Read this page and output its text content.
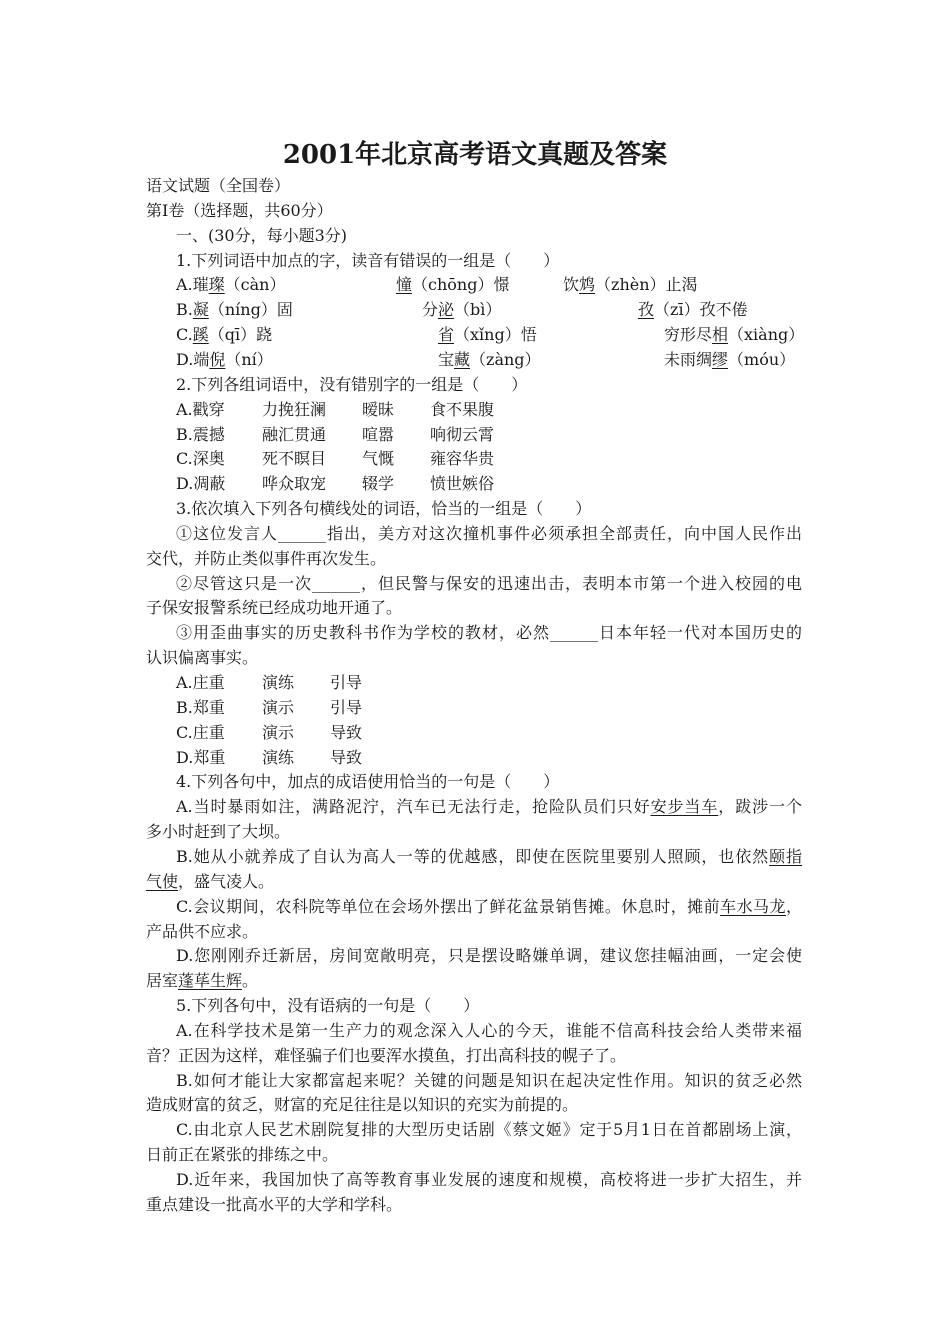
2001年北京高考语文真题及答案
语文试题（全国卷）
第Ⅰ卷（选择题，共60分）
一、(30分，每小题3分)
1.下列词语中加点的字，读音有错误的一组是（　　）
A.璀璨（càn）	憧（chōng）憬	饮鸩（zhèn）止渴
B.凝（níng）固	分泌（bì）	孜（zī）孜不倦
C.蹊（qī）跷	省（xǐng）悟	穷形尽相（xiàng）
D.端倪（ní）	宝藏（zàng）	未雨绸缪（móu）
2.下列各组词语中，没有错别字的一组是（　　）
A.戳穿 力挽狂澜 暧昧 食不果腹
B.震撼 融汇贯通 喧嚣 响彻云霄
C.深奥 死不瞑目 气慨 雍容华贵
D.凋蔽 哗众取宠 辍学 愤世嫉俗
3.依次填入下列各句横线处的词语，恰当的一组是（　　）
①这位发言人______指出，美方对这次撞机事件必须承担全部责任，向中国人民作出
交代，并防止类似事件再次发生。
②尽管这只是一次______，但民警与保安的迅速出击，表明本市第一个进入校园的电
子保安报警系统已经成功地开通了。
③用歪曲事实的历史教科书作为学校的教材，必然______日本年轻一代对本国历史的
认识偏离事实。
A.庄重 演练 引导
B.郑重 演示 引导
C.庄重 演示 导致
D.郑重 演练 导致
4.下列各句中，加点的成语使用恰当的一句是（　　）
A.当时暴雨如注，满路泥泞，汽车已无法行走，抢险队员们只好安步当车，跋涉一个
多小时赶到了大坝。
B.她从小就养成了自认为高人一等的优越感，即使在医院里要别人照顾，也依然颐指
气使，盛气凌人。
C.会议期间，农科院等单位在会场外摆出了鲜花盆景销售摊。休息时，摊前车水马龙，
产品供不应求。
D.您刚刚乔迁新居，房间宽敞明亮，只是摆设略嫌单调，建议您挂幅油画，一定会使
居室蓬荜生辉。
5.下列各句中，没有语病的一句是（　　）
A.在科学技术是第一生产力的观念深入人心的今天，谁能不信高科技会给人类带来福
音？正因为这样，难怪骗子们也要浑水摸鱼，打出高科技的幌子了。
B.如何才能让大家都富起来呢？关键的问题是知识在起决定性作用。知识的贫乏必然
造成财富的贫乏，财富的充足往往是以知识的充实为前提的。
C.由北京人民艺术剧院复排的大型历史话剧《蔡文姬》定于5月1日在首都剧场上演，
日前正在紧张的排练之中。
D.近年来，我国加快了高等教育事业发展的速度和规模，高校将进一步扩大招生，并
重点建设一批高水平的大学和学科。
